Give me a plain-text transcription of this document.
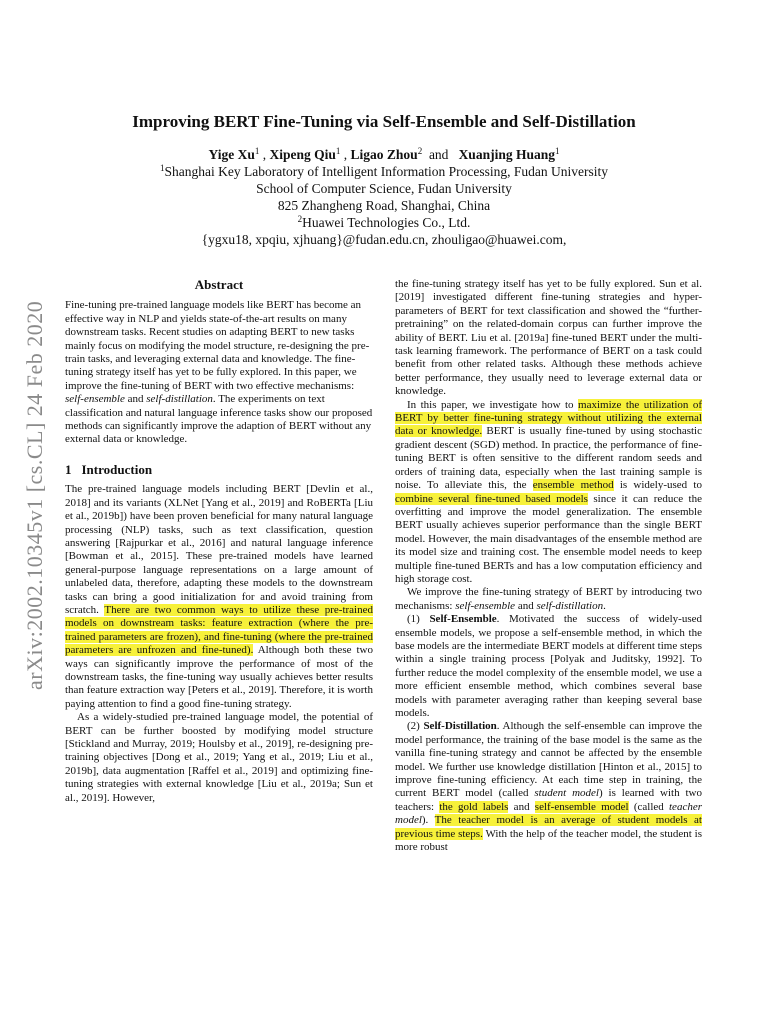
arXiv:2002.10345v1 [cs.CL] 24 Feb 2020
Improving BERT Fine-Tuning via Self-Ensemble and Self-Distillation
Yige Xu$^1$ , Xipeng Qiu$^1$ , Ligao Zhou$^2$  and   Xuanjing Huang$^1$
$^1$Shanghai Key Laboratory of Intelligent Information Processing, Fudan University
School of Computer Science, Fudan University
825 Zhangheng Road, Shanghai, China
$^2$Huawei Technologies Co., Ltd.
{ygxu18, xpqiu, xjhuang}@fudan.edu.cn, zhouligao@huawei.com,
Abstract

Fine-tuning pre-trained language models like BERT has become an effective way in NLP and yields state-of-the-art results on many downstream tasks. Recent studies on adapting BERT to new tasks mainly focus on modifying the model structure, re-designing the pre-train tasks, and leveraging external data and knowledge. The fine-tuning strategy itself has yet to be fully explored. In this paper, we improve the fine-tuning of BERT with two effective mechanisms: self-ensemble and self-distillation. The experiments on text classification and natural language inference tasks show our proposed methods can significantly improve the adaption of BERT without any external data or knowledge.

1 Introduction

The pre-trained language models including BERT [Devlin et al., 2018] and its variants (XLNet [Yang et al., 2019] and RoBERTa [Liu et al., 2019b]) have been proven beneficial for many natural language processing (NLP) tasks, such as text classification, question answering [Rajpurkar et al., 2016] and natural language inference [Bowman et al., 2015]. These pre-trained models have learned general-purpose language representations on a large amount of unlabeled data, therefore, adapting these models to the downstream tasks can bring a good initialization for and avoid training from scratch. There are two common ways to utilize these pre-trained models on downstream tasks: feature extraction (where the pre-trained parameters are frozen), and fine-tuning (where the pre-trained parameters are unfrozen and fine-tuned). Although both these two ways can significantly improve the performance of most of the downstream tasks, the fine-tuning way usually achieves better results than feature extraction way [Peters et al., 2019]. Therefore, it is worth paying attention to find a good fine-tuning strategy.

As a widely-studied pre-trained language model, the potential of BERT can be further boosted by modifying model structure [Stickland and Murray, 2019; Houlsby et al., 2019], re-designing pre-training objectives [Dong et al., 2019; Yang et al., 2019; Liu et al., 2019b], data augmentation [Raffel et al., 2019] and optimizing fine-tuning strategies with external knowledge [Liu et al., 2019a; Sun et al., 2019]. However,

the fine-tuning strategy itself has yet to be fully explored. Sun et al. [2019] investigated different fine-tuning strategies and hyper-parameters of BERT for text classification and showed the “further-pretraining” on the related-domain corpus can further improve the ability of BERT. Liu et al. [2019a] fine-tuned BERT under the multi-task learning framework. The performance of BERT on a task could benefit from other related tasks. Although these methods achieve better performance, they usually need to leverage external data or knowledge.

In this paper, we investigate how to maximize the utilization of BERT by better fine-tuning strategy without utilizing the external data or knowledge. BERT is usually fine-tuned by using stochastic gradient descent (SGD) method. In practice, the performance of fine-tuning BERT is often sensitive to the different random seeds and orders of training data, especially when the last training sample is noise. To alleviate this, the ensemble method is widely-used to combine several fine-tuned based models since it can reduce the overfitting and improve the model generalization. The ensemble BERT usually achieves superior performance than the single BERT model. However, the main disadvantages of the ensemble method are its model size and training cost. The ensemble model needs to keep multiple fine-tuned BERTs and has a low computation efficiency and high storage cost.

We improve the fine-tuning strategy of BERT by introducing two mechanisms: self-ensemble and self-distillation.

(1) Self-Ensemble. Motivated the success of widely-used ensemble models, we propose a self-ensemble method, in which the base models are the intermediate BERT models at different time steps within a single training process [Polyak and Juditsky, 1992]. To further reduce the model complexity of the ensemble model, we use a more efficient ensemble method, which combines several base models with parameter averaging rather than keeping several base models.

(2) Self-Distillation. Although the self-ensemble can improve the model performance, the training of the base model is the same as the vanilla fine-tuning strategy and cannot be affected by the ensemble model. We further use knowledge distillation [Hinton et al., 2015] to improve fine-tuning efficiency. At each time step in training, the current BERT model (called student model) is learned with two teachers: the gold labels and self-ensemble model (called teacher model). The teacher model is an average of student models at previous time steps. With the help of the teacher model, the student is more robust
